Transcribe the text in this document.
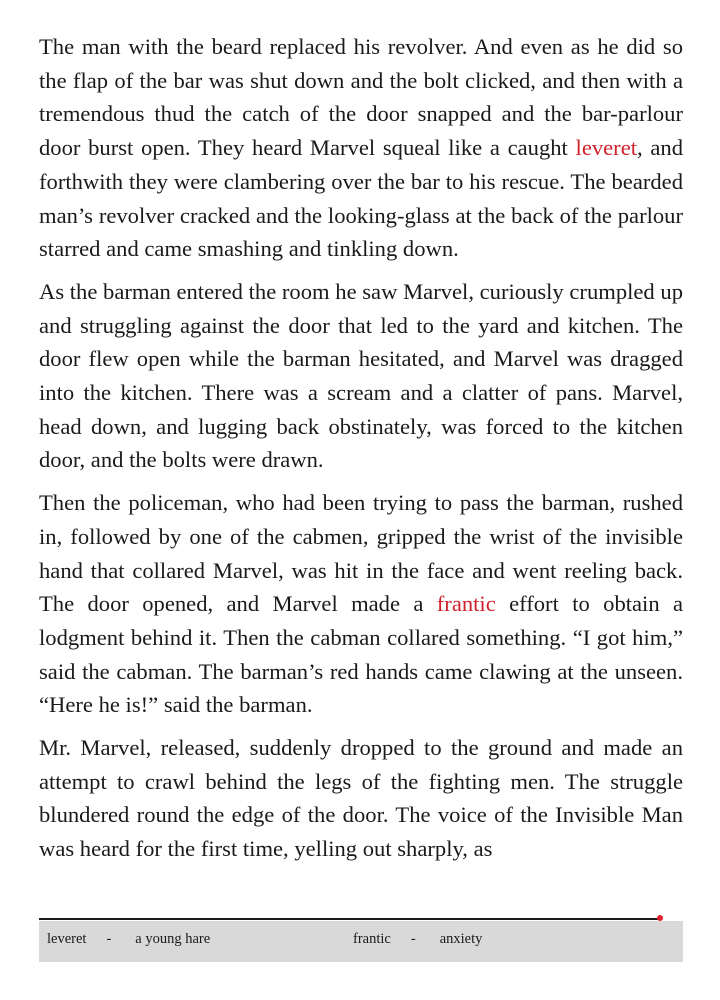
The man with the beard replaced his revolver. And even as he did so the flap of the bar was shut down and the bolt clicked, and then with a tremendous thud the catch of the door snapped and the bar-parlour door burst open. They heard Marvel squeal like a caught leveret, and forthwith they were clambering over the bar to his rescue. The bearded man’s revolver cracked and the looking-glass at the back of the parlour starred and came smashing and tinkling down.

As the barman entered the room he saw Marvel, curiously crumpled up and struggling against the door that led to the yard and kitchen. The door flew open while the barman hesitated, and Marvel was dragged into the kitchen. There was a scream and a clatter of pans. Marvel, head down, and lugging back obstinately, was forced to the kitchen door, and the bolts were drawn.

Then the policeman, who had been trying to pass the barman, rushed in, followed by one of the cabmen, gripped the wrist of the invisible hand that collared Marvel, was hit in the face and went reeling back. The door opened, and Marvel made a frantic effort to obtain a lodgment behind it. Then the cabman collared something. “I got him,” said the cabman. The barman’s red hands came clawing at the unseen. “Here he is!” said the barman.

Mr. Marvel, released, suddenly dropped to the ground and made an attempt to crawl behind the legs of the fighting men. The struggle blundered round the edge of the door. The voice of the Invisible Man was heard for the first time, yelling out sharply, as

leveret - a young hare	frantic - anxiety
